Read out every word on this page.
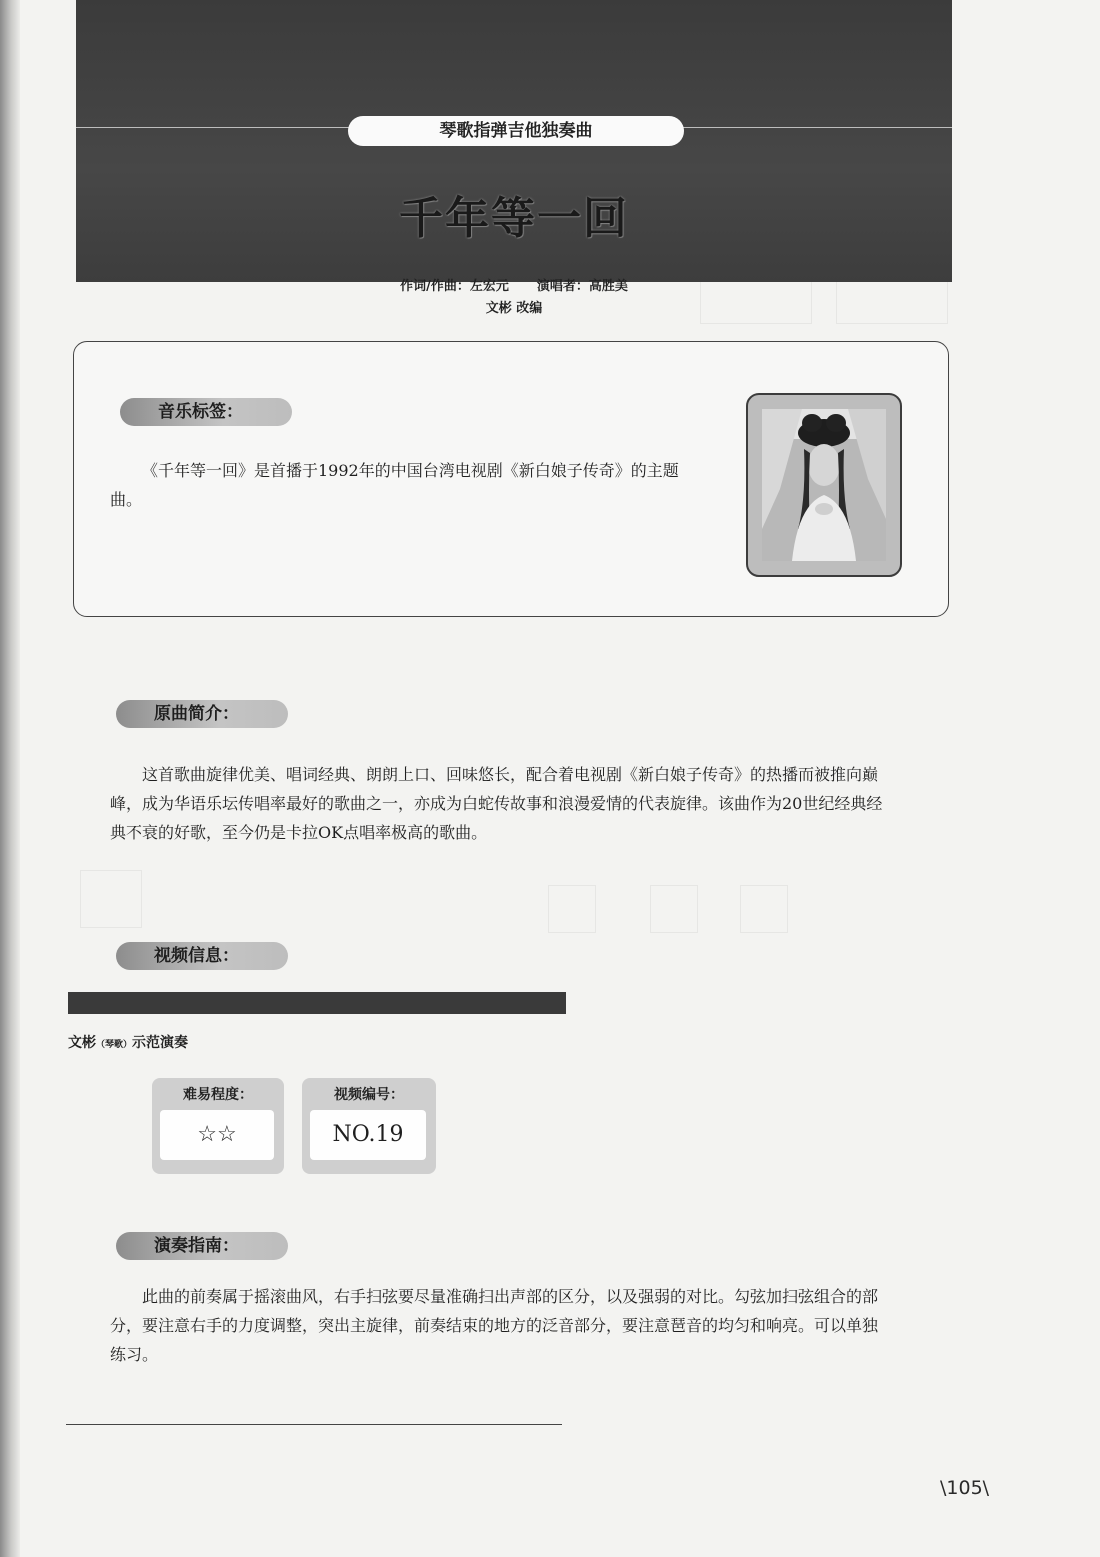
琴歌指弹吉他独奏曲
千年等一回
作词/作曲：左宏元 演唱者：高胜美
文彬 改编
音乐标签：
《千年等一回》是首播于1992年的中国台湾电视剧《新白娘子传奇》的主题曲。
原曲简介：
这首歌曲旋律优美、唱词经典、朗朗上口、回味悠长，配合着电视剧《新白娘子传奇》的热播而被推向巅峰，成为华语乐坛传唱率最好的歌曲之一，亦成为白蛇传故事和浪漫爱情的代表旋律。该曲作为20世纪经典经典不衰的好歌，至今仍是卡拉OK点唱率极高的歌曲。
视频信息：
文彬（琴歌）示范演奏
难易程度：
☆☆
视频编号：
NO.19
演奏指南：
此曲的前奏属于摇滚曲风，右手扫弦要尽量准确扫出声部的区分，以及强弱的对比。勾弦加扫弦组合的部分，要注意右手的力度调整，突出主旋律，前奏结束的地方的泛音部分，要注意琶音的均匀和响亮。可以单独练习。
\105\
